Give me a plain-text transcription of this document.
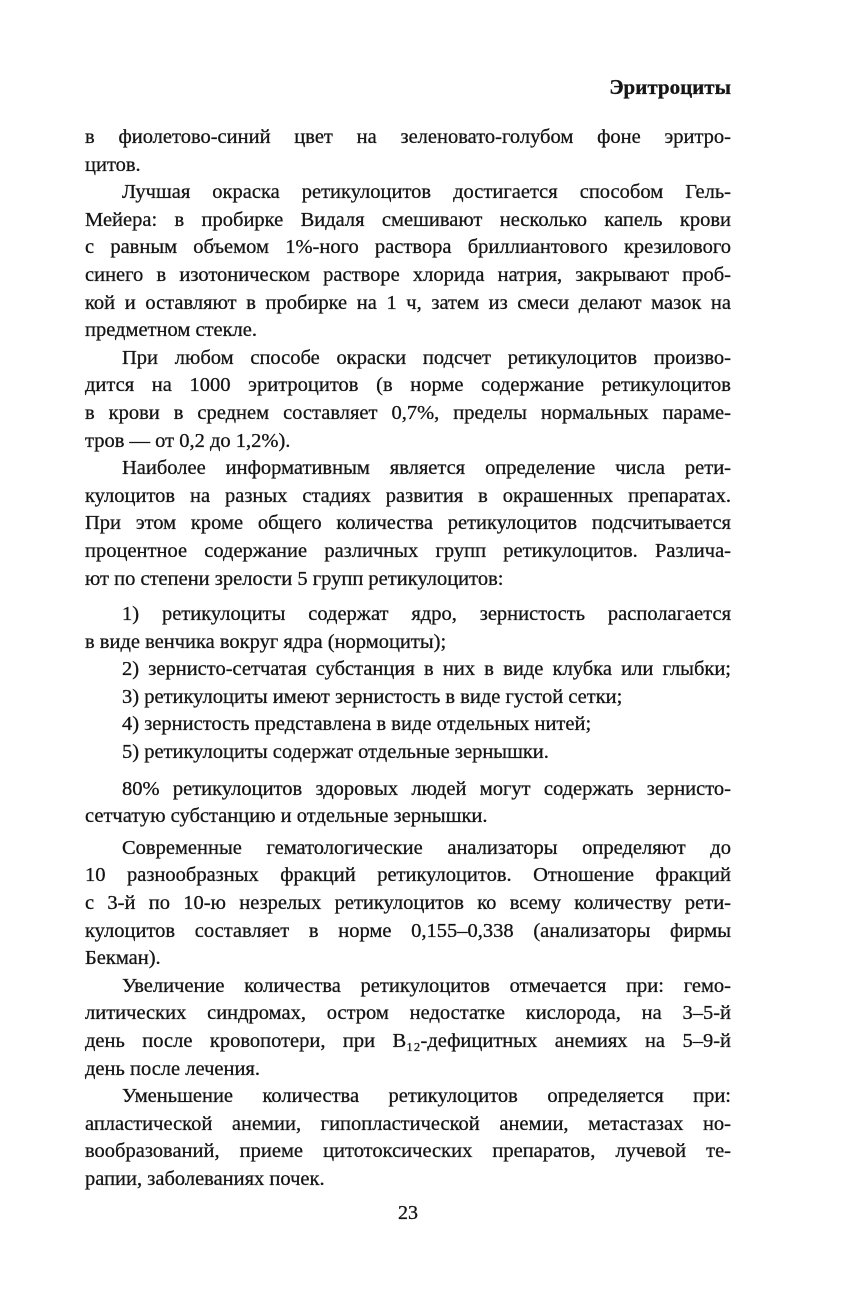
Эритроциты
в фиолетово-синий цвет на зеленовато-голубом фоне эритро-
цитов.
Лучшая окраска ретикулоцитов достигается способом Гель-
Мейера: в пробирке Видаля смешивают несколько капель крови
с равным объемом 1%-ного раствора бриллиантового крезилового
синего в изотоническом растворе хлорида натрия, закрывают проб-
кой и оставляют в пробирке на 1 ч, затем из смеси делают мазок на
предметном стекле.
При любом способе окраски подсчет ретикулоцитов произво-
дится на 1000 эритроцитов (в норме содержание ретикулоцитов
в крови в среднем составляет 0,7%, пределы нормальных параме-
тров — от 0,2 до 1,2%).
Наиболее информативным является определение числа рети-
кулоцитов на разных стадиях развития в окрашенных препаратах.
При этом кроме общего количества ретикулоцитов подсчитывается
процентное содержание различных групп ретикулоцитов. Различа-
ют по степени зрелости 5 групп ретикулоцитов:
1) ретикулоциты содержат ядро, зернистость располагается
в виде венчика вокруг ядра (нормоциты);
2) зернисто-сетчатая субстанция в них в виде клубка или глыбки;
3) ретикулоциты имеют зернистость в виде густой сетки;
4) зернистость представлена в виде отдельных нитей;
5) ретикулоциты содержат отдельные зернышки.
80% ретикулоцитов здоровых людей могут содержать зернисто-
сетчатую субстанцию и отдельные зернышки.
Современные гематологические анализаторы определяют до
10 разнообразных фракций ретикулоцитов. Отношение фракций
с 3-й по 10-ю незрелых ретикулоцитов ко всему количеству рети-
кулоцитов составляет в норме 0,155–0,338 (анализаторы фирмы
Бекман).
Увеличение количества ретикулоцитов отмечается при: гемо-
литических синдромах, остром недостатке кислорода, на 3–5-й
день после кровопотери, при В₁₂-дефицитных анемиях на 5–9-й
день после лечения.
Уменьшение количества ретикулоцитов определяется при:
апластической анемии, гипопластической анемии, метастазах но-
вообразований, приеме цитотоксических препаратов, лучевой те-
рапии, заболеваниях почек.
23
